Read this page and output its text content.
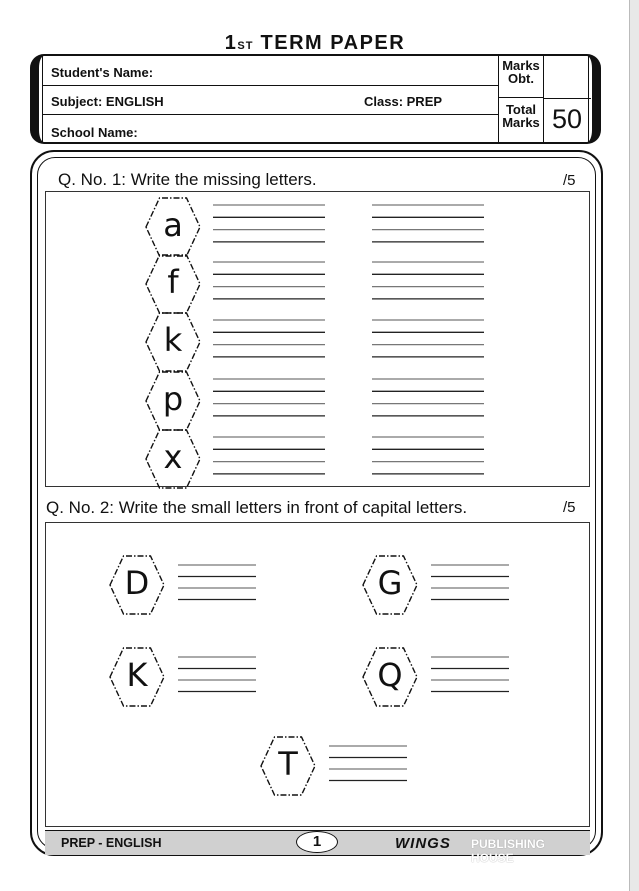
1ST TERM PAPER
Student's Name:
Subject: ENGLISH	Class: PREP
School Name:
Marks Obt.
Total Marks 50
Q. No. 1: Write the missing letters.	/5
Q. No. 2: Write the small letters in front of capital letters.	/5
PREP - ENGLISH	1	WINGS PUBLISHING HOUSE
a
f
k
p
x
D	G
K	Q
T
